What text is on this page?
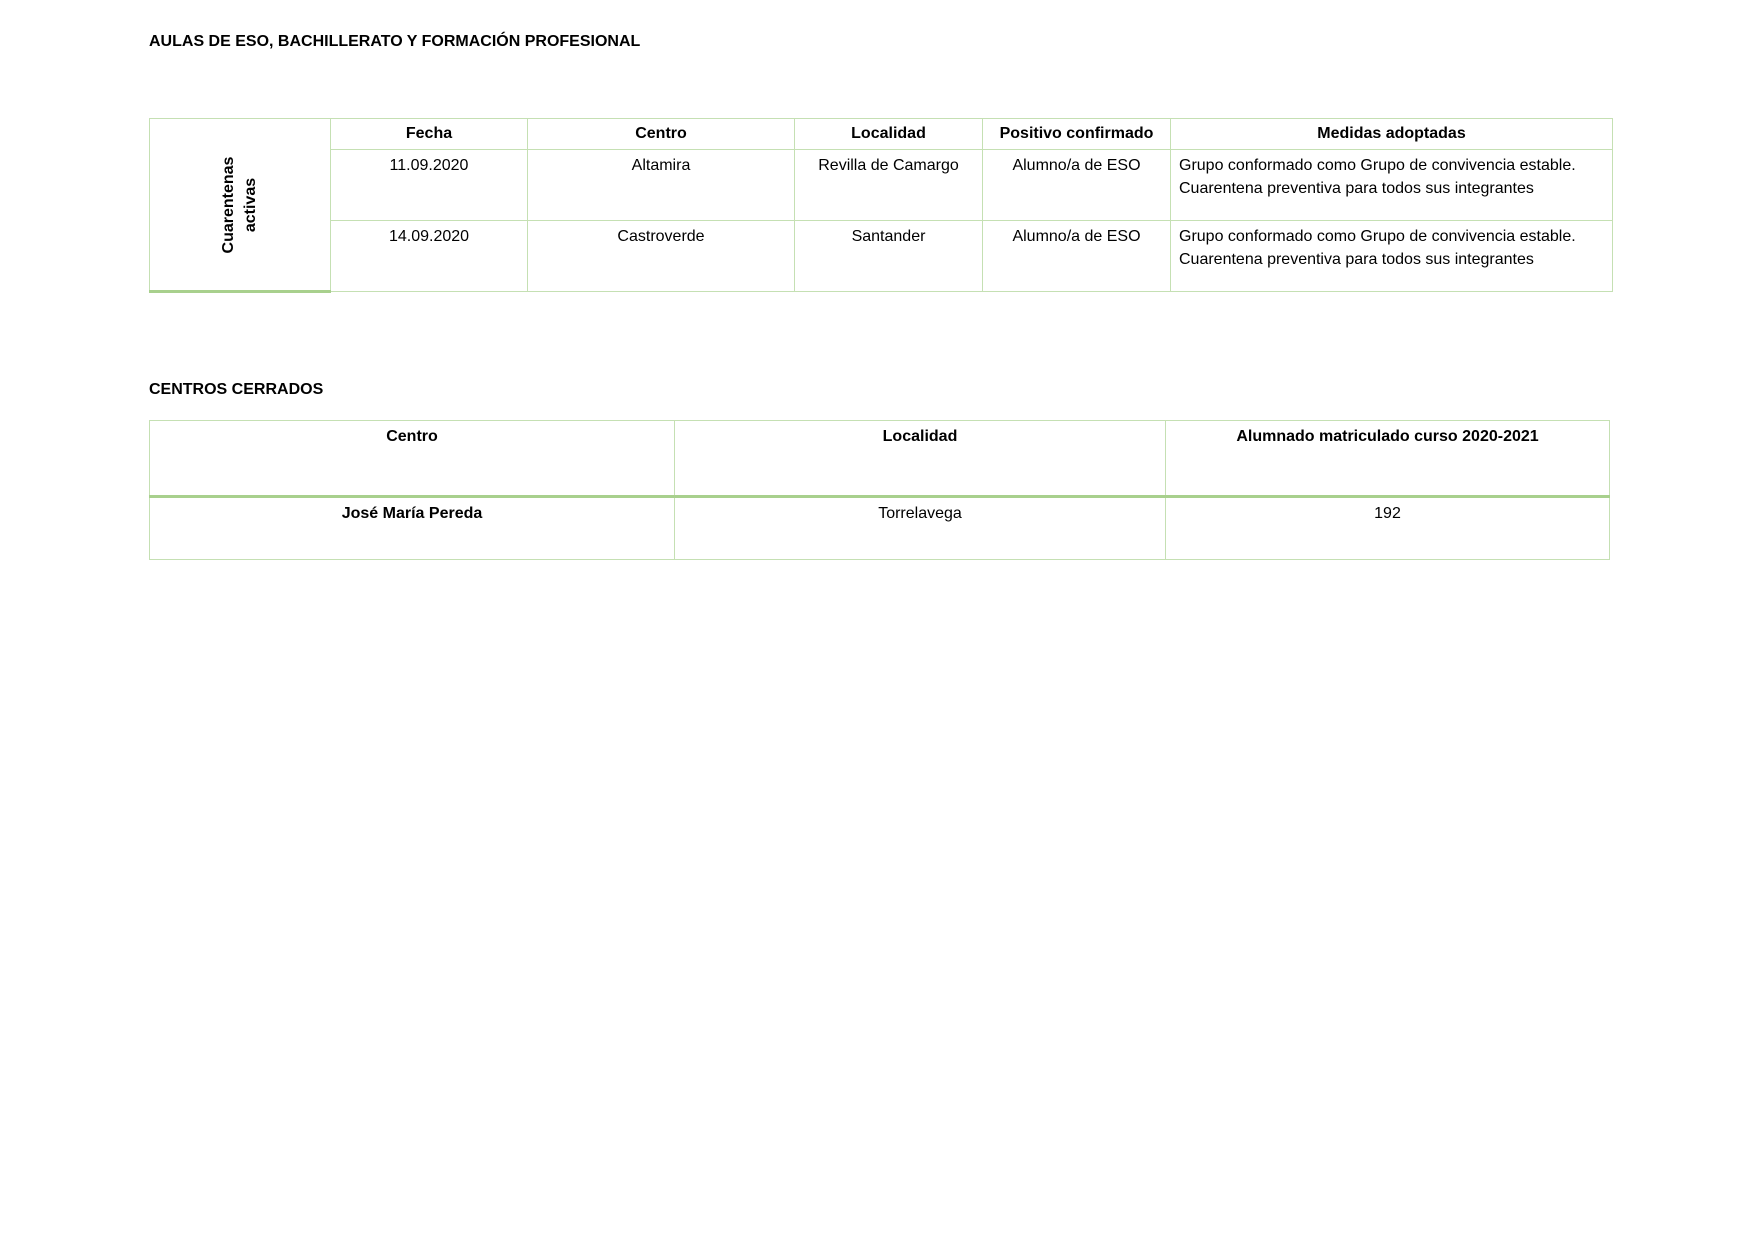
AULAS DE ESO, BACHILLERATO Y FORMACIÓN PROFESIONAL
Cuarentenas activas	Fecha	Centro	Localidad	Positivo confirmado	Medidas adoptadas
	11.09.2020	Altamira	Revilla de Camargo	Alumno/a de ESO	Grupo conformado como Grupo de convivencia estable. Cuarentena preventiva para todos sus integrantes
	14.09.2020	Castroverde	Santander	Alumno/a de ESO	Grupo conformado como Grupo de convivencia estable. Cuarentena preventiva para todos sus integrantes
CENTROS CERRADOS
Centro	Localidad	Alumnado matriculado curso 2020-2021
José María Pereda	Torrelavega	192
